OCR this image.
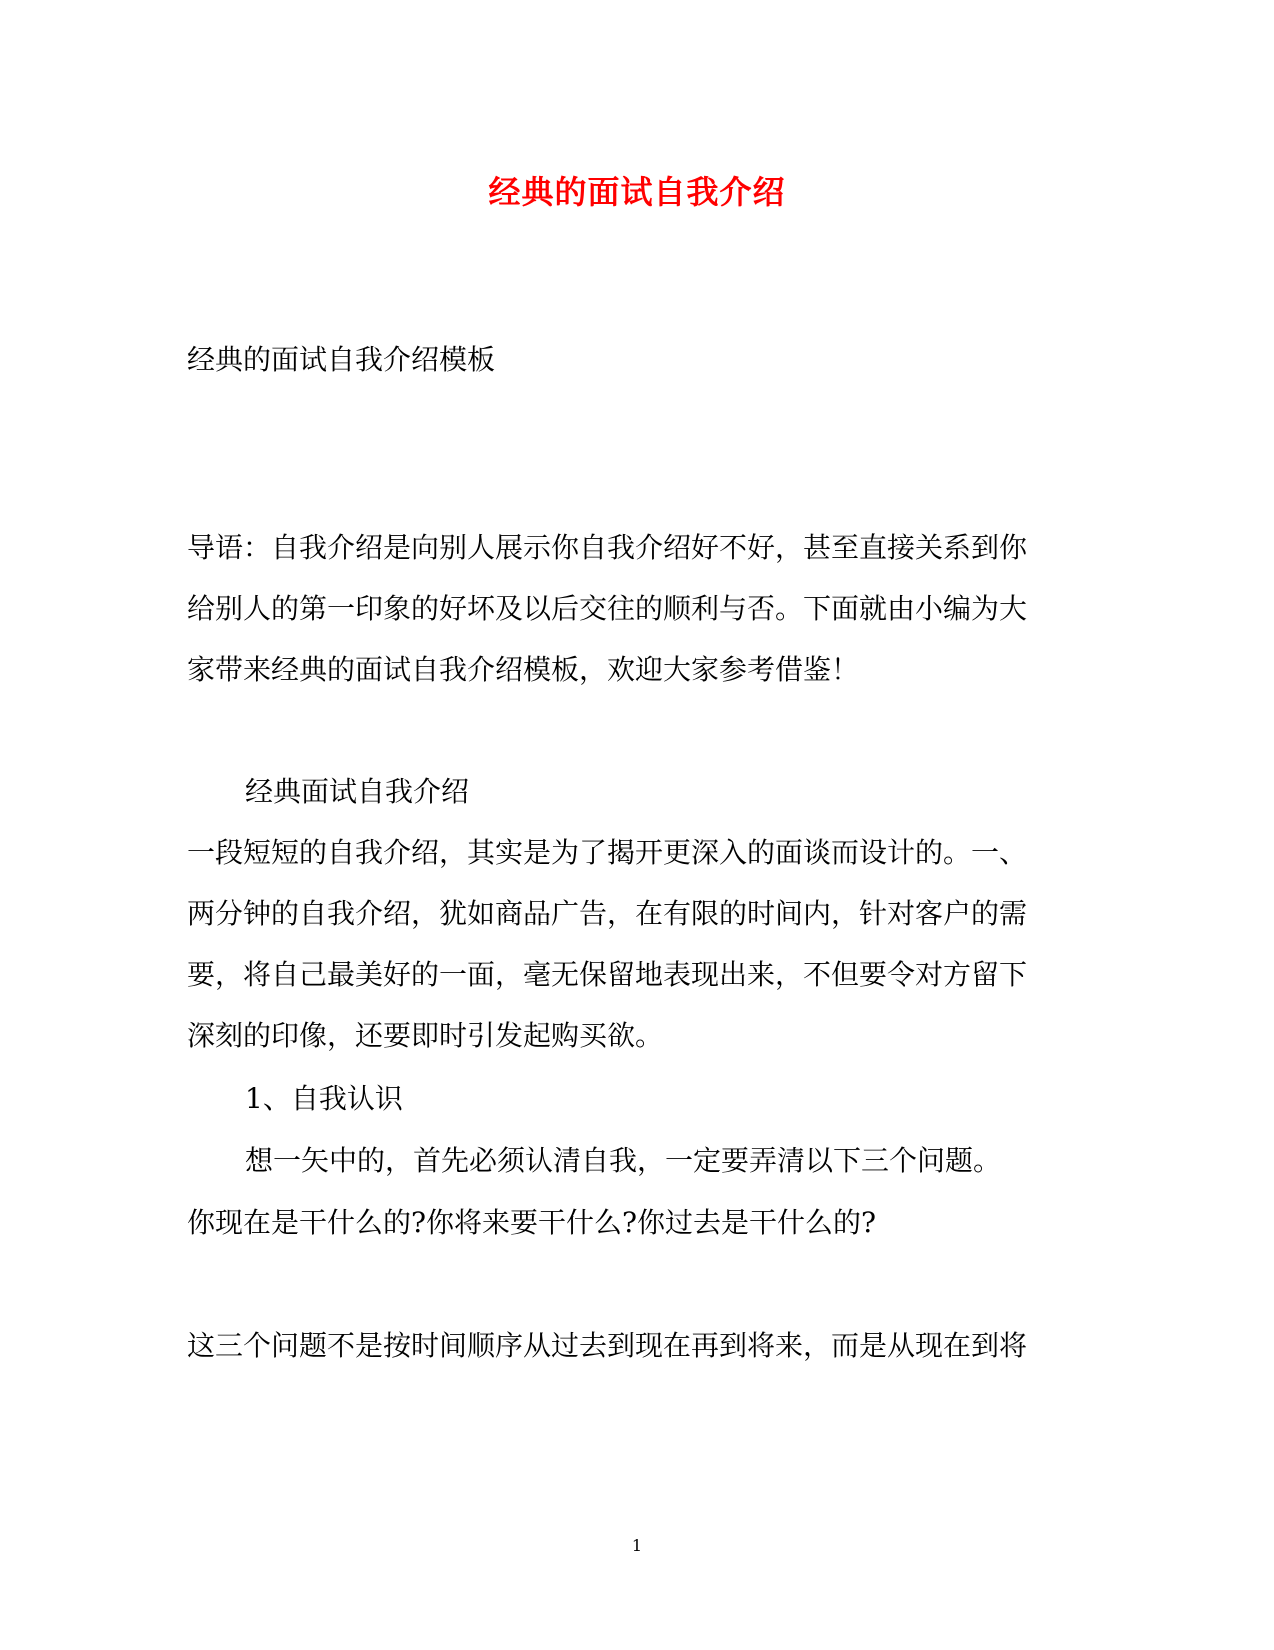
经典的面试自我介绍
经典的面试自我介绍模板
导语：自我介绍是向别人展示你自我介绍好不好，甚至直接关系到你
给别人的第一印象的好坏及以后交往的顺利与否。下面就由小编为大
家带来经典的面试自我介绍模板，欢迎大家参考借鉴！
经典面试自我介绍
一段短短的自我介绍，其实是为了揭开更深入的面谈而设计的。一、
两分钟的自我介绍，犹如商品广告，在有限的时间内，针对客户的需
要，将自己最美好的一面，毫无保留地表现出来，不但要令对方留下
深刻的印像，还要即时引发起购买欲。
1、自我认识
想一矢中的，首先必须认清自我，一定要弄清以下三个问题。
你现在是干什么的?你将来要干什么?你过去是干什么的?
这三个问题不是按时间顺序从过去到现在再到将来，而是从现在到将
1
